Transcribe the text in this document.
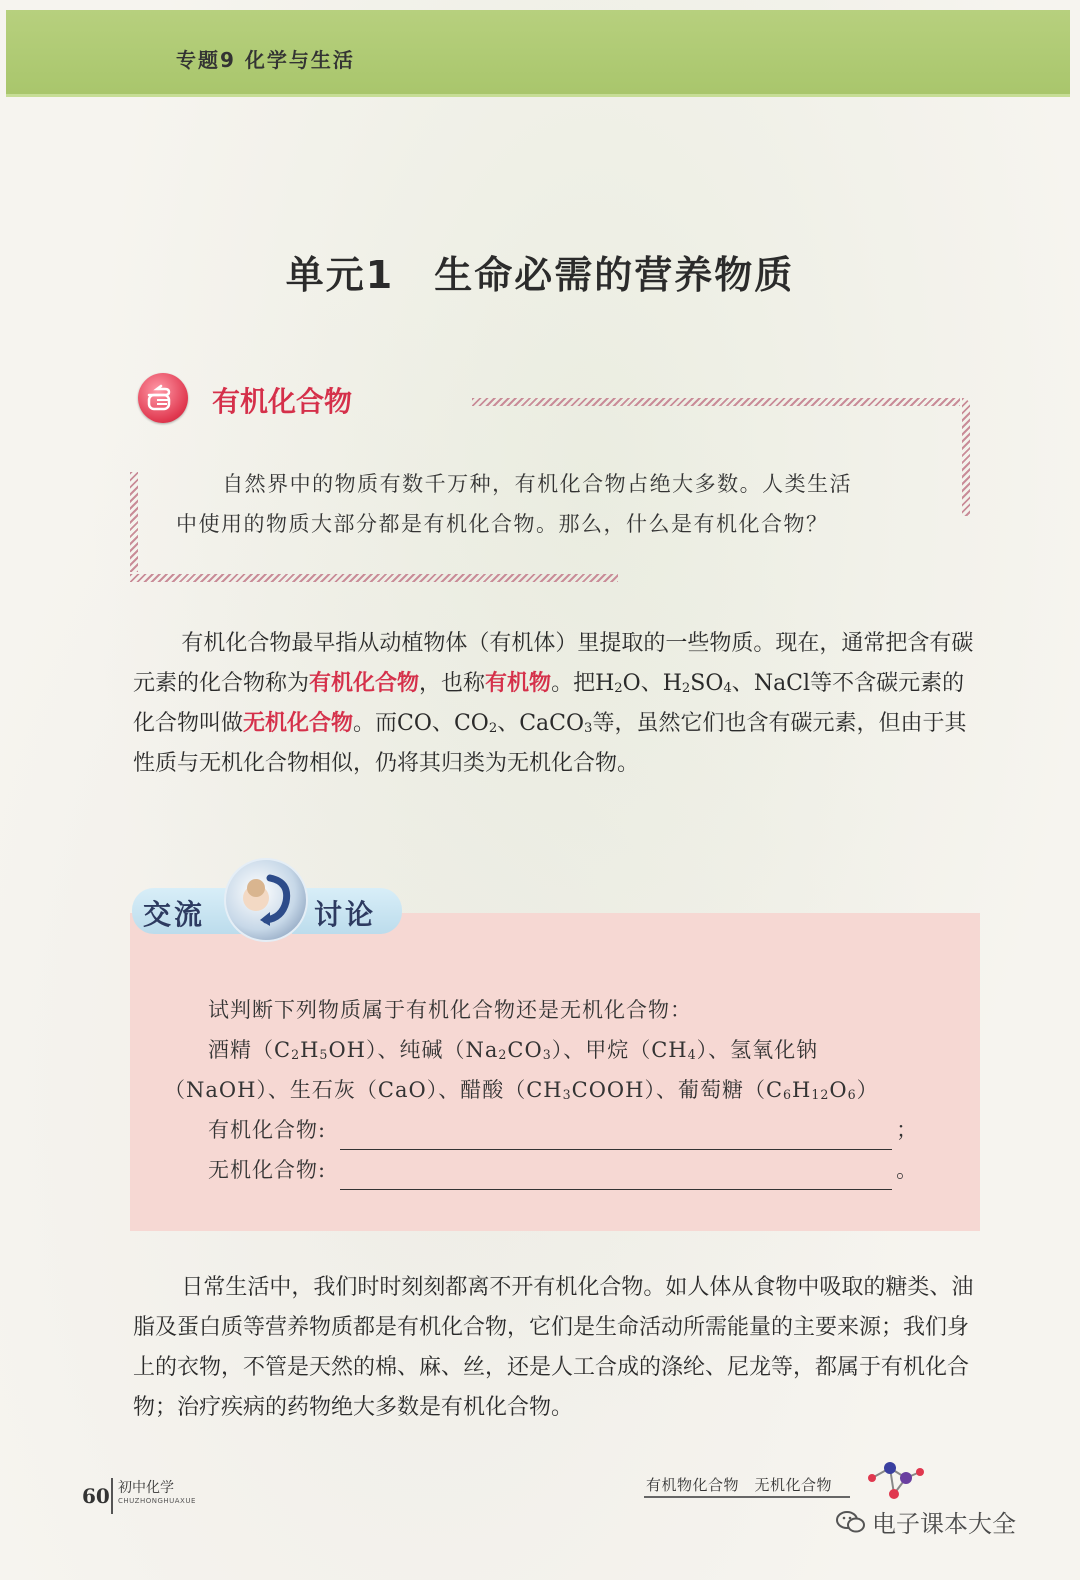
专题9 化学与生活
单元1　生命必需的营养物质
有机化合物

自然界中的物质有数千万种，有机化合物占绝大多数。人类生活

中使用的物质大部分都是有机化合物。那么，什么是有机化合物？

有机化合物最早指从动植物体（有机体）里提取的一些物质。现在，通常把含有碳元素的化合物称为有机化合物，也称有机物。把$H_2O$、$H_2SO_4$、NaCl等不含碳元素的化合物叫做无机化合物。而CO、$CO_2$、CaCO$_3$等，虽然它们也含有碳元素，但由于其性质与无机化合物相似，仍将其归类为无机化合物。

交流	讨论

试判断下列物质属于有机化合物还是无机化合物：

酒精$(C_2H_5OH)$、纯碱$(Na_2CO_3)$、甲烷$(CH_4)$、氢氧化钠

（NaOH）、生石灰（CaO）、醋酸$(CH_3COOH)$、葡萄糖$(C_6H_{12}O_6)$

有机化合物:	；
无机化合物:	。

日常生活中，我们时时刻刻都离不开有机化合物。如人体从食物中吸取的糖类、油脂及蛋白质等营养物质都是有机化合物，它们是生命活动所需能量的主要来源；我们身上的衣物，不管是天然的棉、麻、丝，还是人工合成的涤纶、尼龙等，都属于有机化合物；治疗疾病的药物绝大多数是有机化合物。

60 初中化学
CHUZHONGHUAXUE
有机物化合物　无机化合物
电子课本大全
